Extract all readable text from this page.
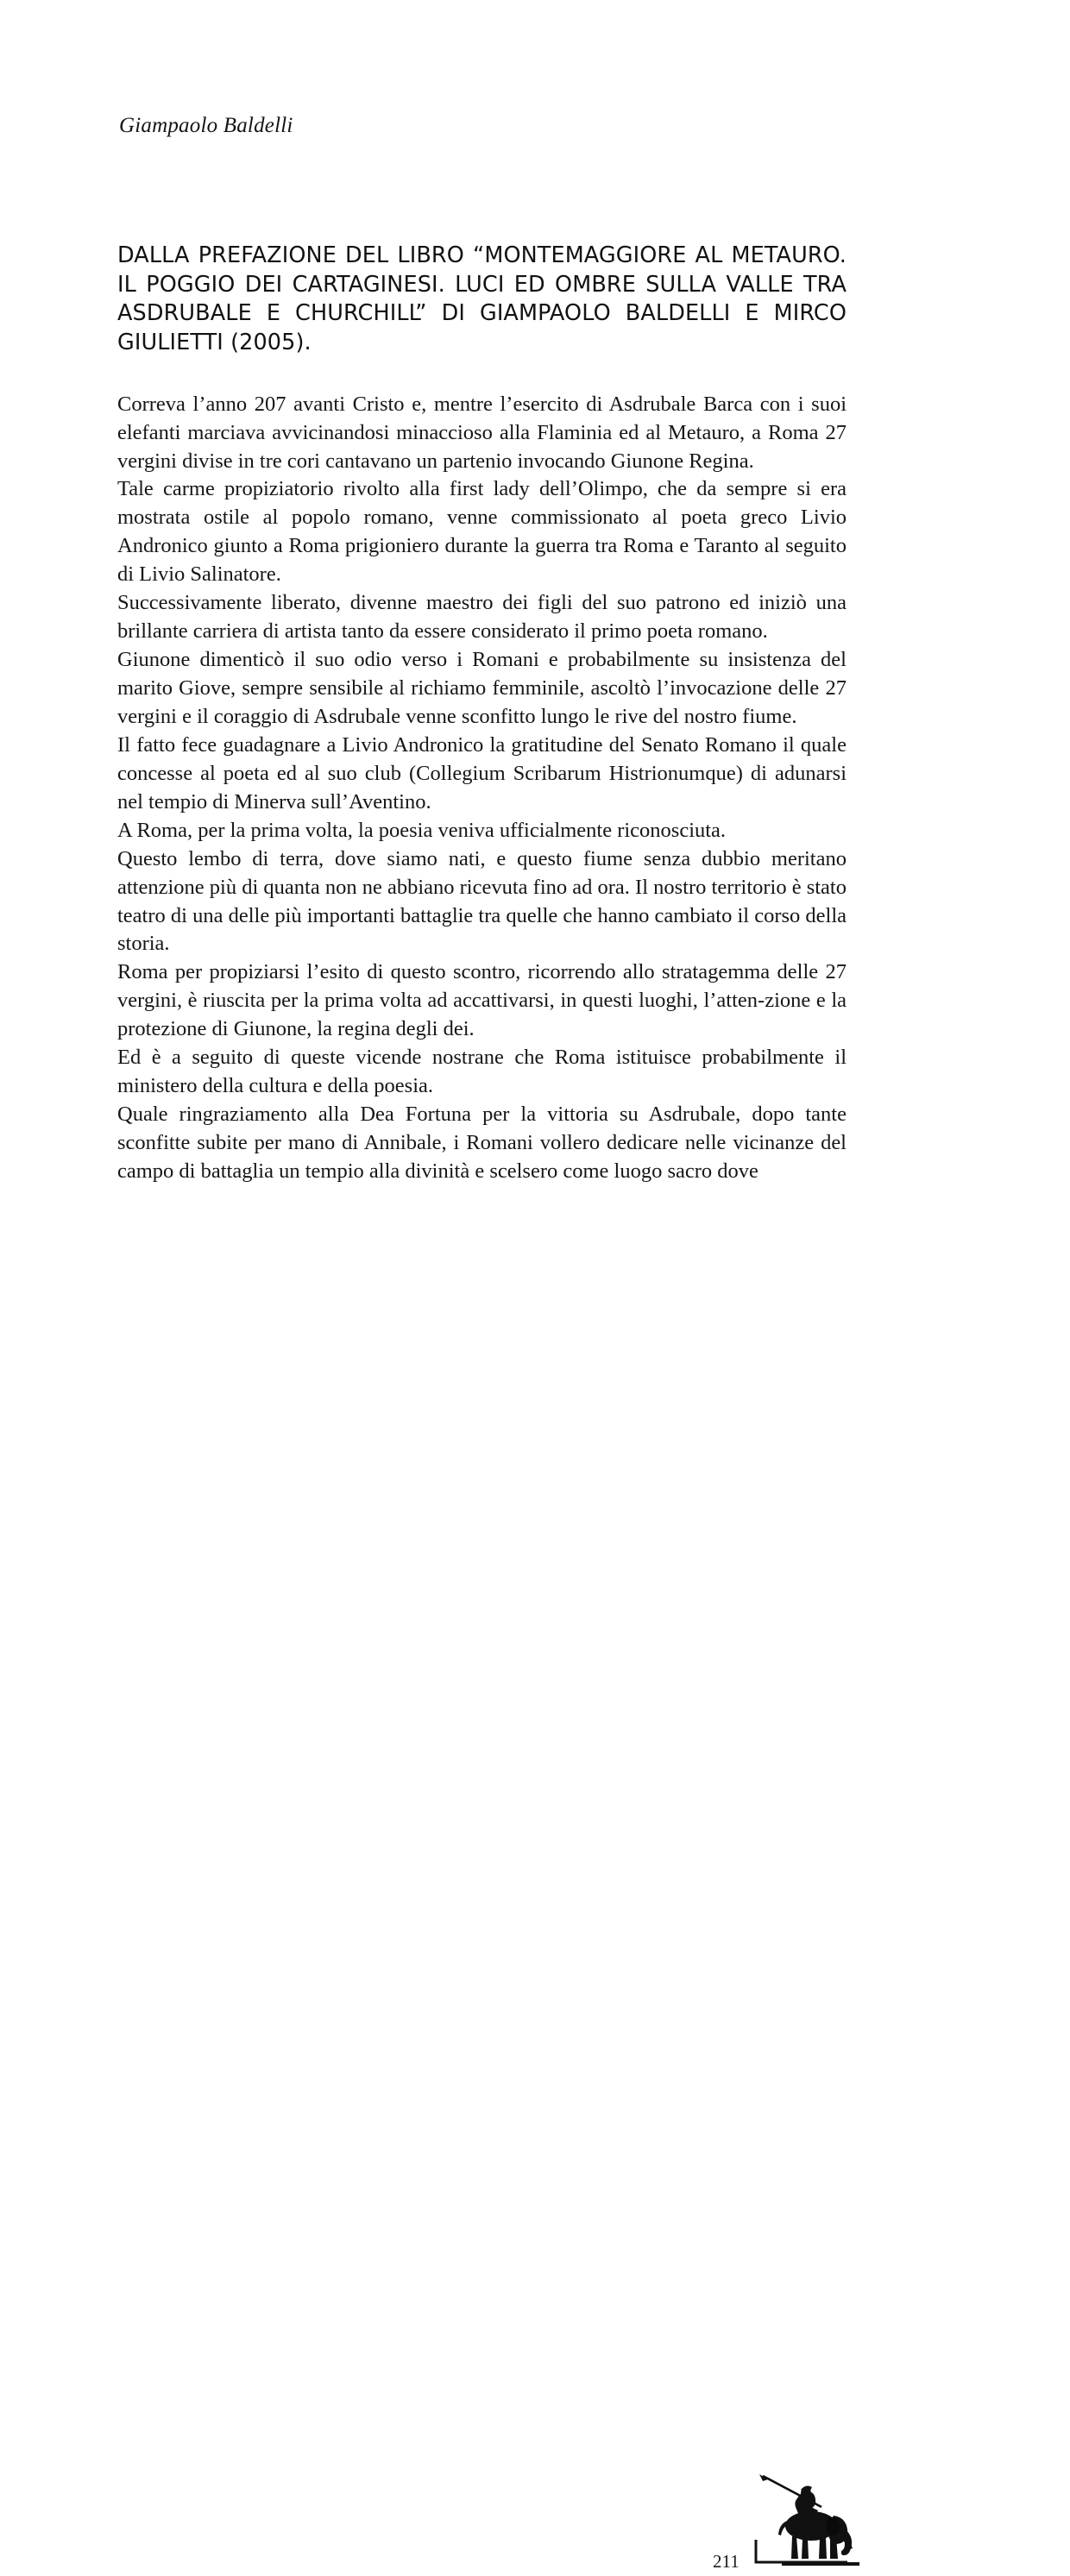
Giampaolo Baldelli
DALLA PREFAZIONE DEL LIBRO “MONTEMAGGIORE AL METAURO. IL POGGIO DEI CARTAGINESI. LUCI ED OMBRE SULLA VALLE TRA ASDRUBALE E CHURCHILL” DI GIAMPAOLO BALDELLI E MIRCO GIULIETTI (2005).

Correva l’anno 207 avanti Cristo e, mentre l’esercito di Asdrubale Barca con i suoi elefanti marciava avvicinandosi minaccioso alla Flaminia ed al Metauro, a Roma 27 vergini divise in tre cori cantavano un partenio invocando Giunone Regina.

Tale carme propiziatorio rivolto alla first lady dell’Olimpo, che da sempre si era mostrata ostile al popolo romano, venne commissionato al poeta greco Livio Andronico giunto a Roma prigioniero durante la guerra tra Roma e Taranto al seguito di Livio Salinatore.

Successivamente liberato, divenne maestro dei figli del suo patrono ed iniziò una brillante carriera di artista tanto da essere considerato il primo poeta romano.

Giunone dimenticò il suo odio verso i Romani e probabilmente su insistenza del marito Giove, sempre sensibile al richiamo femminile, ascoltò l’invocazione delle 27 vergini e il coraggio di Asdrubale venne sconfitto lungo le rive del nostro fiume.

Il fatto fece guadagnare a Livio Andronico la gratitudine del Senato Romano il quale concesse al poeta ed al suo club (Collegium Scribarum Histrionumque) di adunarsi nel tempio di Minerva sull’Aventino.

A Roma, per la prima volta, la poesia veniva ufficialmente riconosciuta.

Questo lembo di terra, dove siamo nati, e questo fiume senza dubbio meritano attenzione più di quanta non ne abbiano ricevuta fino ad ora. Il nostro territorio è stato teatro di una delle più importanti battaglie tra quelle che hanno cambiato il corso della storia.

Roma per propiziarsi l’esito di questo scontro, ricorrendo allo stratagemma delle 27 vergini, è riuscita per la prima volta ad accattivarsi, in questi luoghi, l’atten-zione e la protezione di Giunone, la regina degli dei.

Ed è a seguito di queste vicende nostrane che Roma istituisce probabilmente il ministero della cultura e della poesia.

Quale ringraziamento alla Dea Fortuna per la vittoria su Asdrubale, dopo tante sconfitte subite per mano di Annibale, i Romani vollero dedicare nelle vicinanze del campo di battaglia un tempio alla divinità e scelsero come luogo sacro dove

211
